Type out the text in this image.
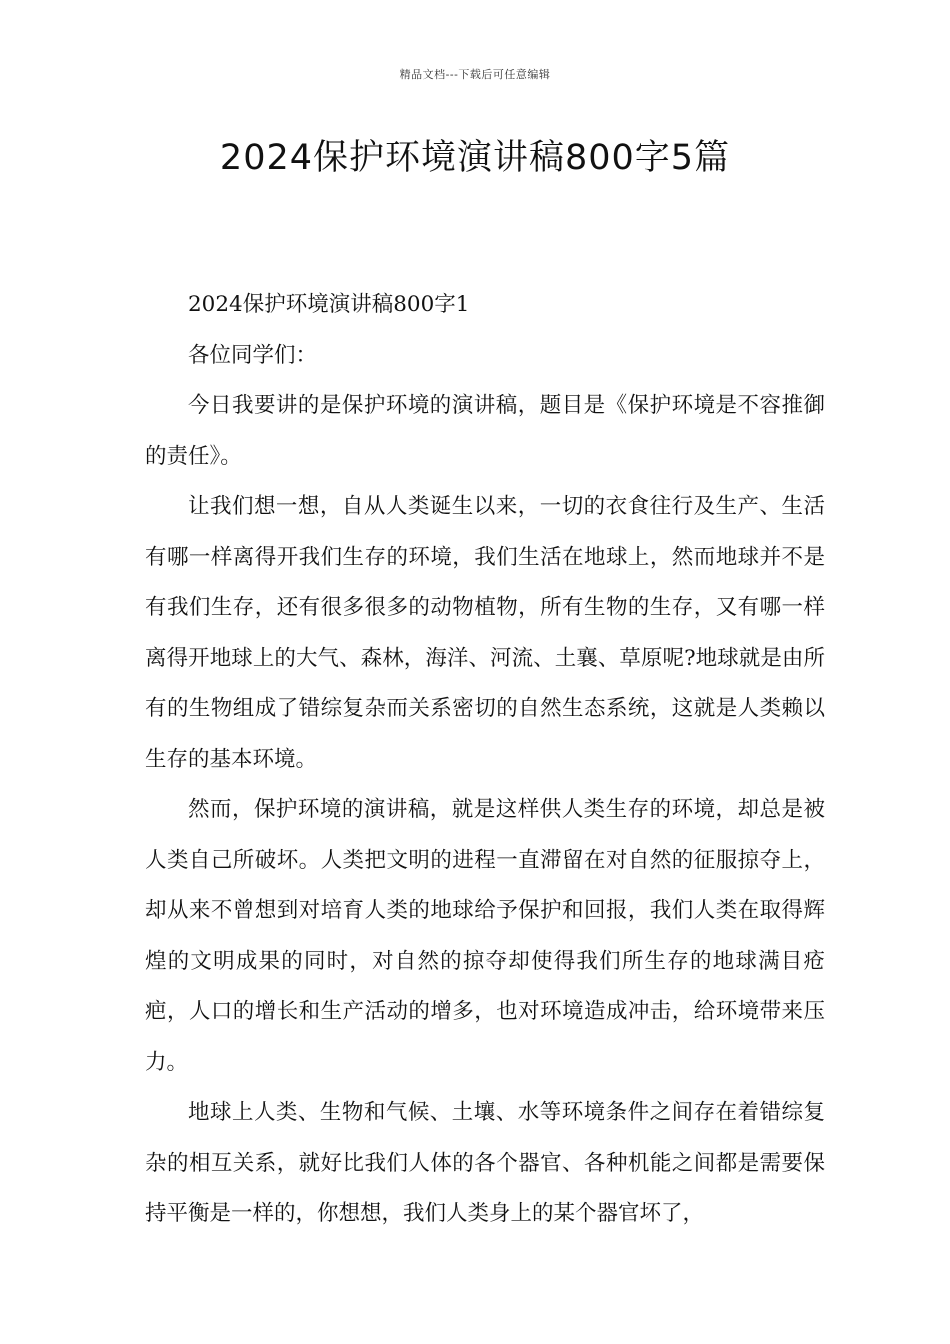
精品文档---下载后可任意编辑
2024保护环境演讲稿800字5篇

2024保护环境演讲稿800字1

各位同学们：

今日我要讲的是保护环境的演讲稿，题目是《保护环境是不容推御的责任》。

让我们想一想，自从人类诞生以来，一切的衣食往行及生产、生活有哪一样离得开我们生存的环境，我们生活在地球上，然而地球并不是有我们生存，还有很多很多的动物植物，所有生物的生存，又有哪一样离得开地球上的大气、森林，海洋、河流、土襄、草原呢?地球就是由所有的生物组成了错综复杂而关系密切的自然生态系统，这就是人类赖以生存的基本环境。

然而，保护环境的演讲稿，就是这样供人类生存的环境，却总是被人类自己所破坏。人类把文明的进程一直滞留在对自然的征服掠夺上，却从来不曾想到对培育人类的地球给予保护和回报，我们人类在取得辉煌的文明成果的同时，对自然的掠夺却使得我们所生存的地球满目疮疤，人口的增长和生产活动的增多，也对环境造成冲击，给环境带来压力。

地球上人类、生物和气候、土壤、水等环境条件之间存在着错综复杂的相互关系，就好比我们人体的各个器官、各种机能之间都是需要保持平衡是一样的，你想想，我们人类身上的某个器官坏了，
